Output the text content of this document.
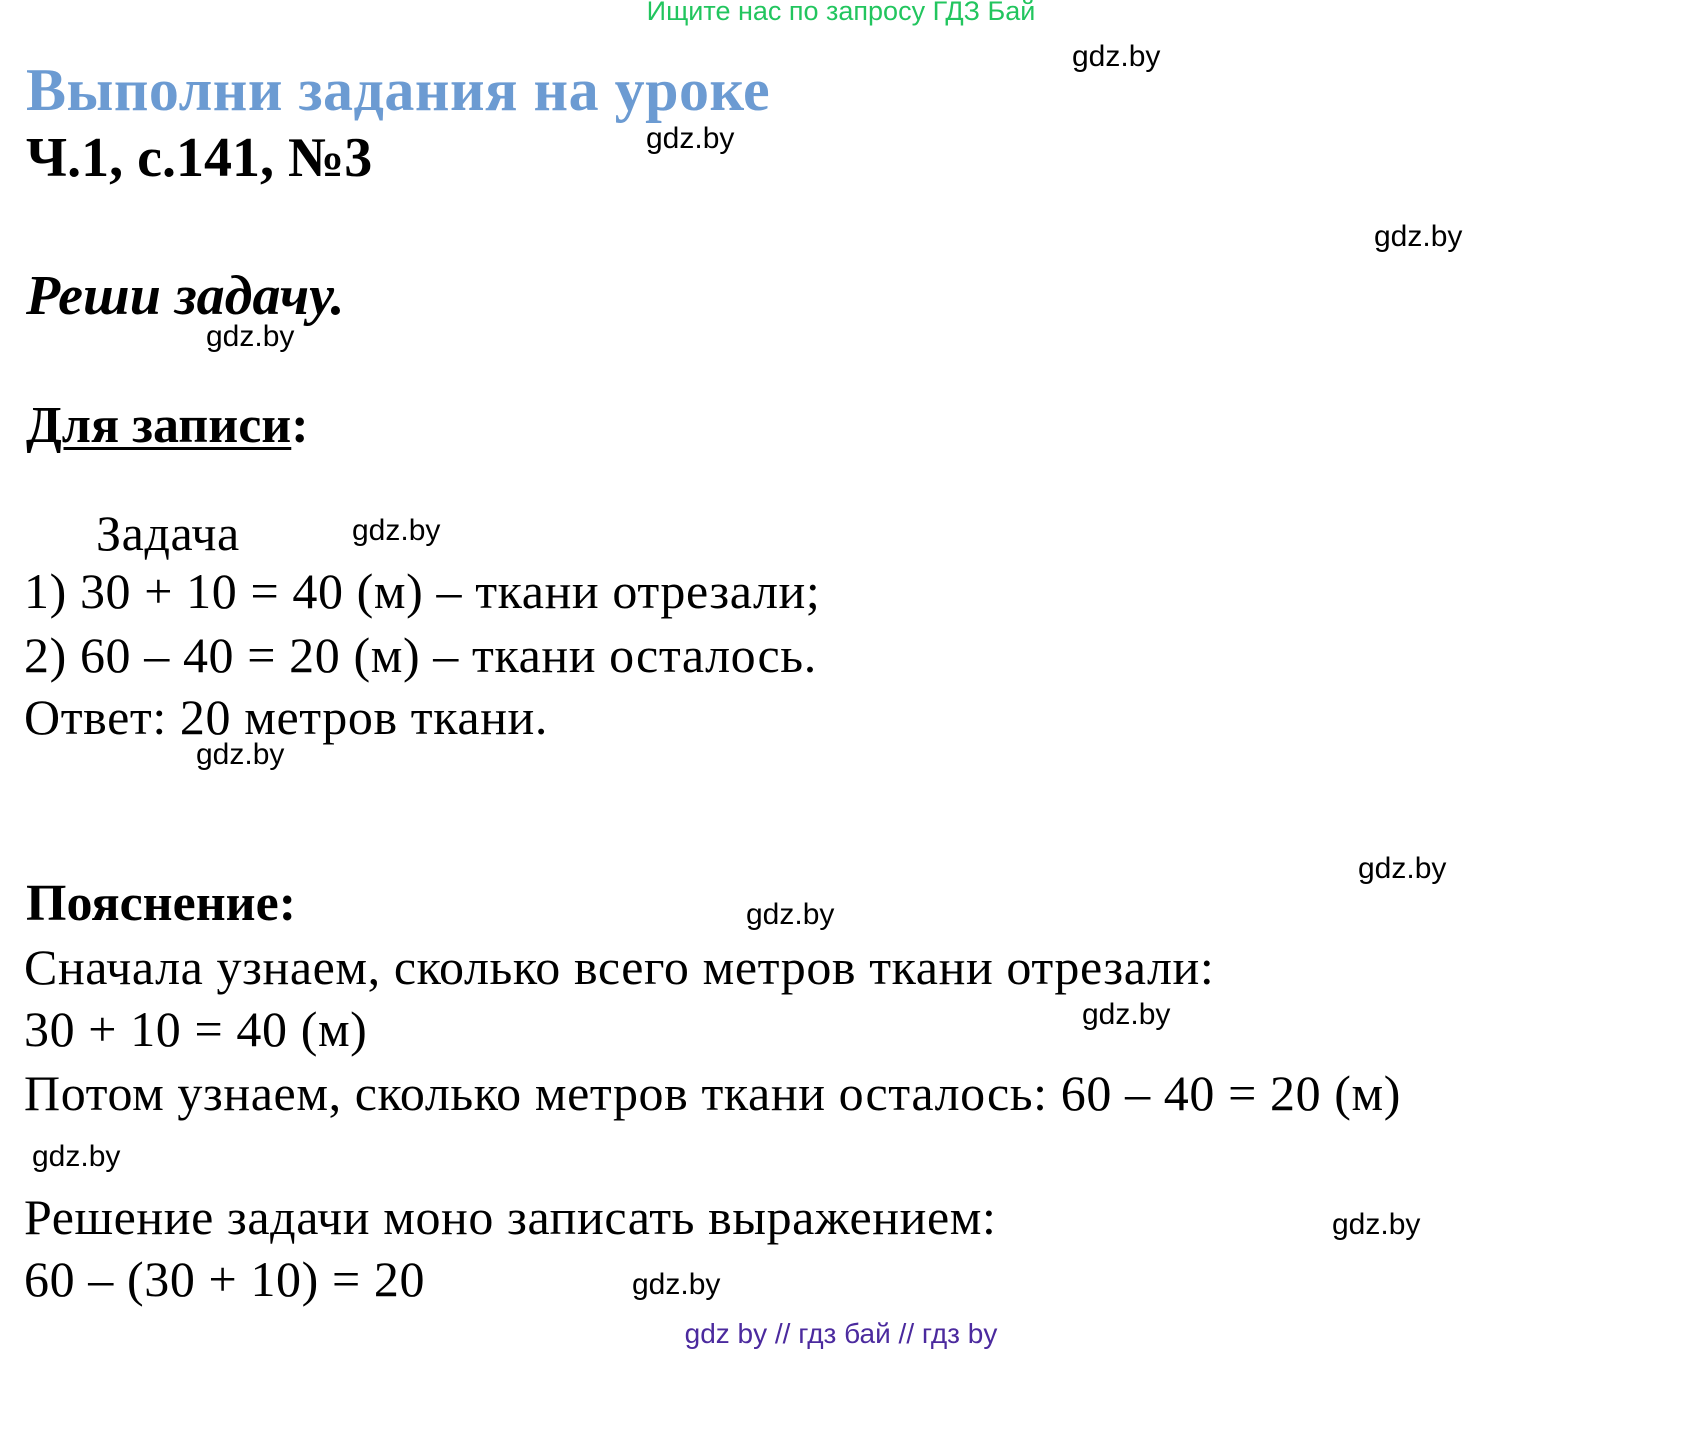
Ищите нас по запросу ГДЗ Бай
Выполни задания на уроке
Ч.1, с.141, №3
Реши задачу.
Для записи:
Задача
1) 30 + 10 = 40 (м) – ткани отрезали;
2) 60 – 40 = 20 (м) – ткани осталось.
Ответ: 20 метров ткани.
Пояснение:
Сначала узнаем, сколько всего метров ткани отрезали:
30 + 10 = 40 (м)
Потом узнаем, сколько метров ткани осталось: 60 – 40 = 20 (м)
Решение задачи моно записать выражением:
60 – (30 + 10) = 20
gdz.by
gdz.by
gdz.by
gdz.by
gdz.by
gdz.by
gdz.by
gdz.by
gdz.by
gdz.by
gdz.by
gdz.by
gdz by // гдз бай // гдз by
